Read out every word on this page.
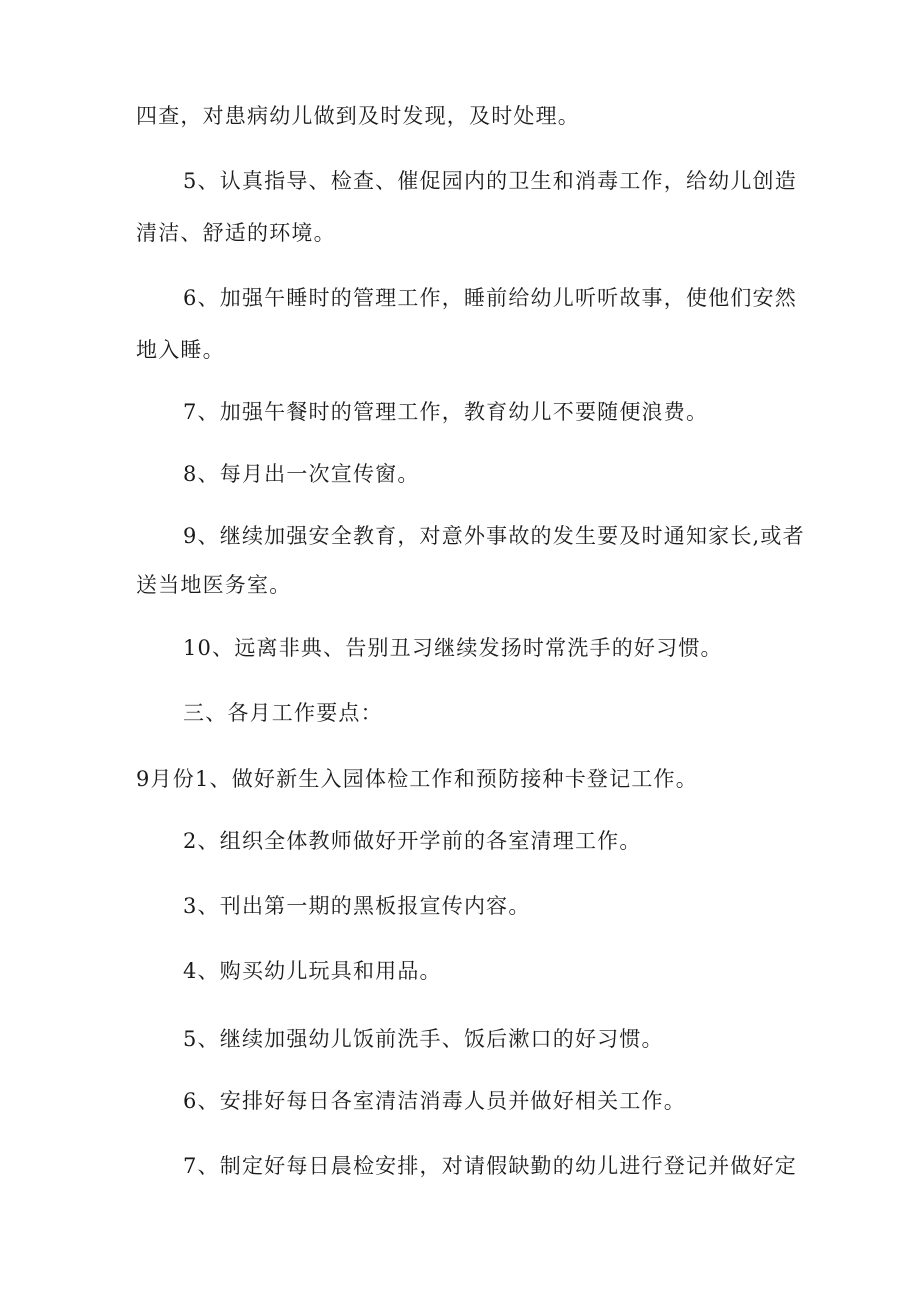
四查，对患病幼儿做到及时发现，及时处理。

5、认真指导、检查、催促园内的卫生和消毒工作，给幼儿创造

清洁、舒适的环境。

6、加强午睡时的管理工作，睡前给幼儿听听故事，使他们安然

地入睡。

7、加强午餐时的管理工作，教育幼儿不要随便浪费。

8、每月出一次宣传窗。

9、继续加强安全教育，对意外事故的发生要及时通知家长,或者

送当地医务室。

10、远离非典、告别丑习继续发扬时常洗手的好习惯。

三、各月工作要点：

9月份1、做好新生入园体检工作和预防接种卡登记工作。

2、组织全体教师做好开学前的各室清理工作。

3、刊出第一期的黑板报宣传内容。

4、购买幼儿玩具和用品。

5、继续加强幼儿饭前洗手、饭后漱口的好习惯。

6、安排好每日各室清洁消毒人员并做好相关工作。

7、制定好每日晨检安排，对请假缺勤的幼儿进行登记并做好定
